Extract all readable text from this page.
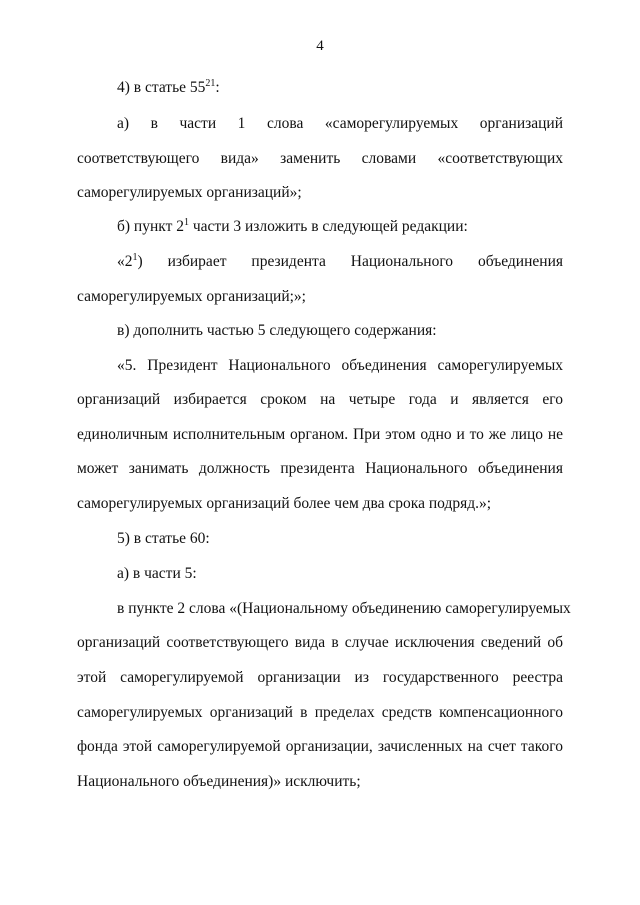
4
4) в статье $55^{21}$:
а) в части 1 слова «саморегулируемых организаций
соответствующего вида» заменить словами «соответствующих
саморегулируемых организаций»;
б) пункт $2^1$ части 3 изложить в следующей редакции:
«$2^1$) избирает президента Национального объединения
саморегулируемых организаций;»;
в) дополнить частью 5 следующего содержания:
«5. Президент Национального объединения саморегулируемых
организаций избирается сроком на четыре года и является его
единоличным исполнительным органом. При этом одно и то же лицо не
может занимать должность президента Национального объединения
саморегулируемых организаций более чем два срока подряд.»;
5) в статье 60:
а) в части 5:
в пункте 2 слова «(Национальному объединению саморегулируемых
организаций соответствующего вида в случае исключения сведений об
этой саморегулируемой организации из государственного реестра
саморегулируемых организаций в пределах средств компенсационного
фонда этой саморегулируемой организации, зачисленных на счет такого
Национального объединения)» исключить;
